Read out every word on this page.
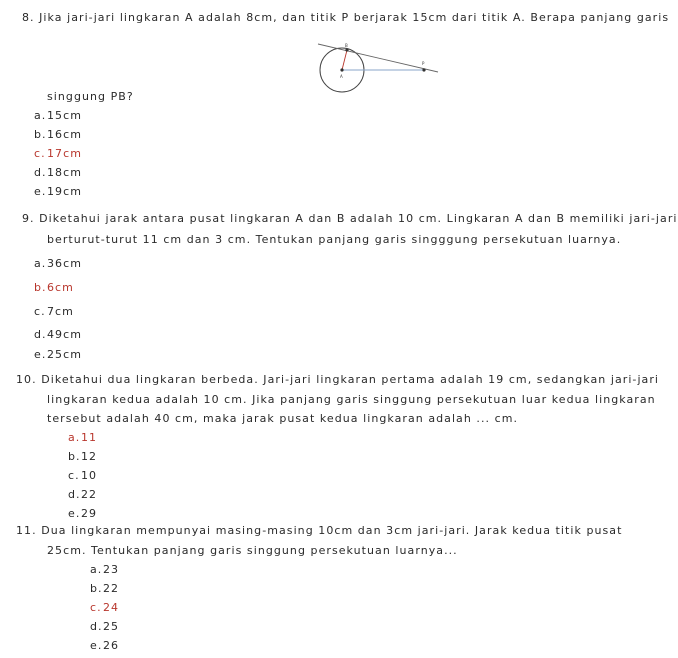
8. Jika jari-jari lingkaran A adalah 8cm, dan titik P berjarak 15cm dari titik A. Berapa panjang garis
B
A
P
singgung PB?
a.15cm
b.16cm
c.17cm
d.18cm
e.19cm
9. Diketahui jarak antara pusat lingkaran A dan B adalah 10 cm. Lingkaran A dan B memiliki jari-jari
berturut-turut 11 cm dan 3 cm. Tentukan panjang garis singggung persekutuan luarnya.
a.36cm
b.6cm
c.7cm
d.49cm
e.25cm
10. Diketahui dua lingkaran berbeda. Jari-jari lingkaran pertama adalah 19 cm, sedangkan jari-jari
lingkaran kedua adalah 10 cm. Jika panjang garis singgung persekutuan luar kedua lingkaran
tersebut adalah 40 cm, maka jarak pusat kedua lingkaran adalah ... cm.
a.11
b.12
c.10
d.22
e.29
11. Dua lingkaran mempunyai masing-masing 10cm dan 3cm jari-jari. Jarak kedua titik pusat
25cm. Tentukan panjang garis singgung persekutuan luarnya...
a.23
b.22
c.24
d.25
e.26
